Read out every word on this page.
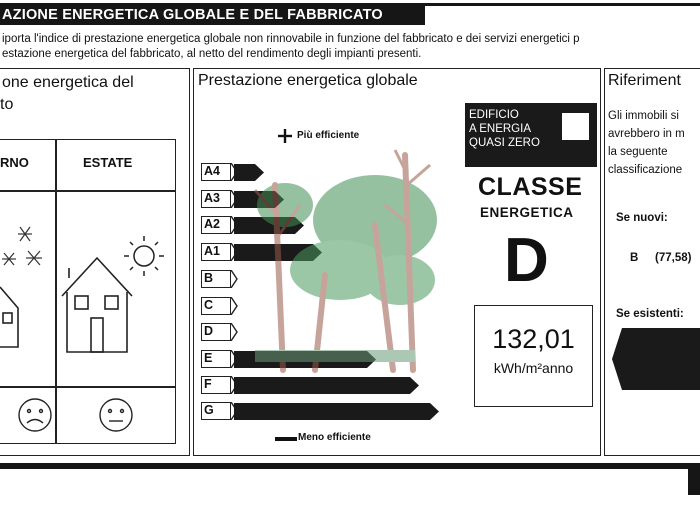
AZIONE ENERGETICA GLOBALE E DEL FABBRICATO
iporta l'indice di prestazione energetica globale non rinnovabile in funzione del fabbricato e dei servizi energetici p
estazione energetica del fabbricato, al netto del rendimento degli impianti presenti.
one energetica del
to
RNO	ESTATE
Prestazione energetica globale
Più efficiente
A4
A3
A2
A1
B
C
D
E
F
G
Meno efficiente
EDIFICIO
A ENERGIA
QUASI ZERO
CLASSE
ENERGETICA
D
132,01
kWh/m²anno
Riferiment
Gli immobili si
avrebbero in m
la seguente
classificazione
Se nuovi:
B (77,58)
Se esistenti:
